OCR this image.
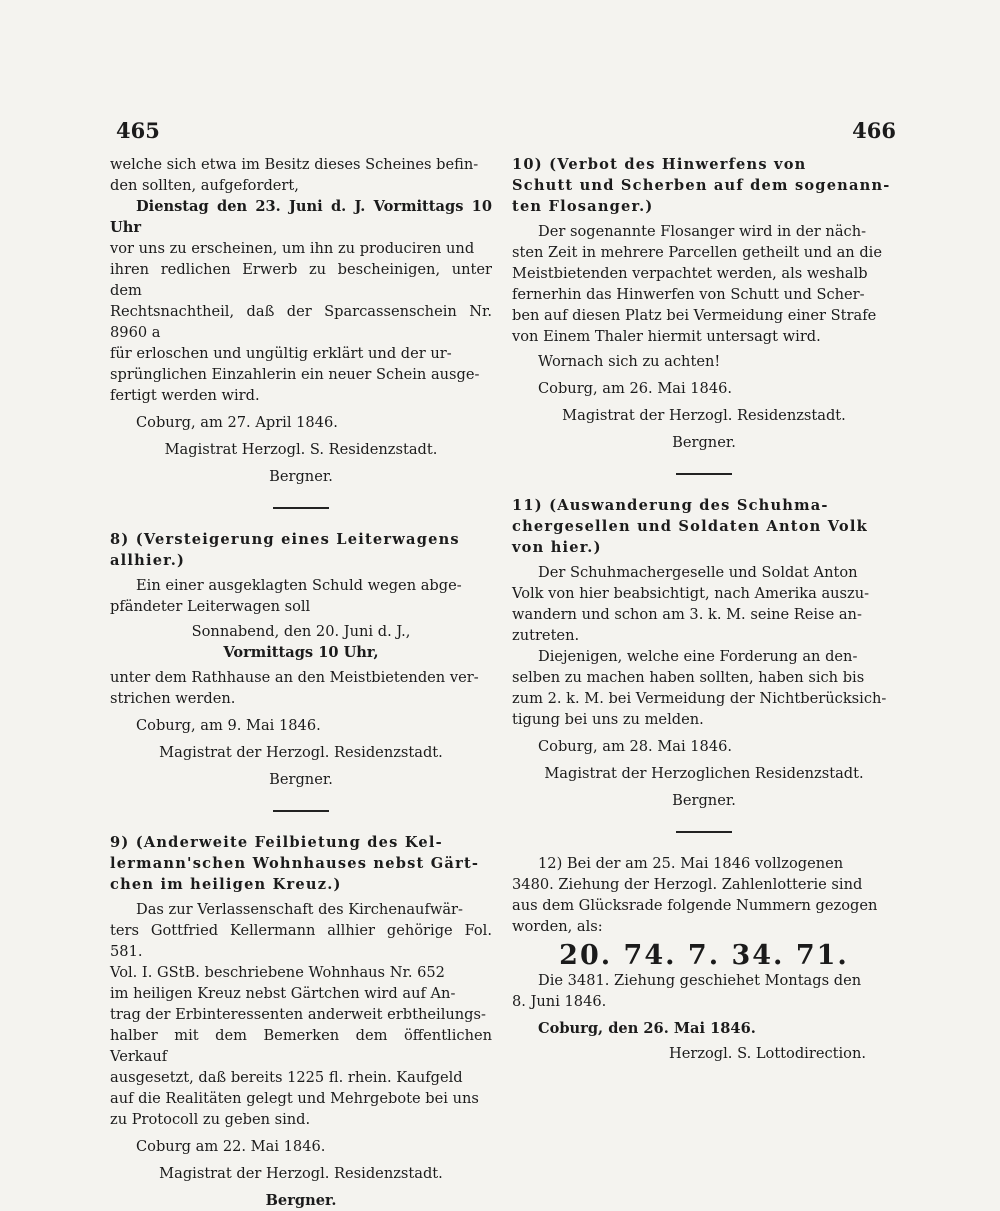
465	466

welche sich etwa im Besitz dieses Scheines befin-

den sollten, aufgefordert,

Dienstag den 23. Juni d. J. Vormittags 10 Uhr

vor uns zu erscheinen, um ihn zu produciren und

ihren redlichen Erwerb zu bescheinigen, unter dem

Rechtsnachtheil, daß der Sparcassenschein Nr. 8960 a

für erloschen und ungültig erklärt und der ur-

sprünglichen Einzahlerin ein neuer Schein ausge-

fertigt werden wird.

Coburg, am 27. April 1846.

Magistrat Herzogl. S. Residenzstadt.

Bergner.

8) (Versteigerung eines Leiterwagens

allhier.)

Ein einer ausgeklagten Schuld wegen abge-

pfändeter Leiterwagen soll

Sonnabend, den 20. Juni d. J.,

Vormittags 10 Uhr,

unter dem Rathhause an den Meistbietenden ver-

strichen werden.

Coburg, am 9. Mai 1846.

Magistrat der Herzogl. Residenzstadt.

Bergner.

9) (Anderweite Feilbietung des Kel-

lermann'schen Wohnhauses nebst Gärt-

chen im heiligen Kreuz.)

Das zur Verlassenschaft des Kirchenaufwär-

ters Gottfried Kellermann allhier gehörige Fol. 581.

Vol. I. GStB. beschriebene Wohnhaus Nr. 652

im heiligen Kreuz nebst Gärtchen wird auf An-

trag der Erbinteressenten anderweit erbtheilungs-

halber mit dem Bemerken dem öffentlichen Verkauf

ausgesetzt, daß bereits 1225 fl. rhein. Kaufgeld

auf die Realitäten gelegt und Mehrgebote bei uns

zu Protocoll zu geben sind.

Coburg am 22. Mai 1846.

Magistrat der Herzogl. Residenzstadt.

Bergner.

10) (Verbot des Hinwerfens von

Schutt und Scherben auf dem sogenann-

ten Flosanger.)

Der sogenannte Flosanger wird in der näch-

sten Zeit in mehrere Parcellen getheilt und an die

Meistbietenden verpachtet werden, als weshalb

fernerhin das Hinwerfen von Schutt und Scher-

ben auf diesen Platz bei Vermeidung einer Strafe

von Einem Thaler hiermit untersagt wird.

Wornach sich zu achten!

Coburg, am 26. Mai 1846.

Magistrat der Herzogl. Residenzstadt.

Bergner.

11) (Auswanderung des Schuhma-

chergesellen und Soldaten Anton Volk

von hier.)

Der Schuhmachergeselle und Soldat Anton

Volk von hier beabsichtigt, nach Amerika auszu-

wandern und schon am 3. k. M. seine Reise an-

zutreten.

Diejenigen, welche eine Forderung an den-

selben zu machen haben sollten, haben sich bis

zum 2. k. M. bei Vermeidung der Nichtberücksich-

tigung bei uns zu melden.

Coburg, am 28. Mai 1846.

Magistrat der Herzoglichen Residenzstadt.

Bergner.

12) Bei der am 25. Mai 1846 vollzogenen

3480. Ziehung der Herzogl. Zahlenlotterie sind

aus dem Glücksrade folgende Nummern gezogen

worden, als:

20. 74. 7. 34. 71.

Die 3481. Ziehung geschiehet Montags den

8. Juni 1846.

Coburg, den 26. Mai 1846.

Herzogl. S. Lottodirection.
